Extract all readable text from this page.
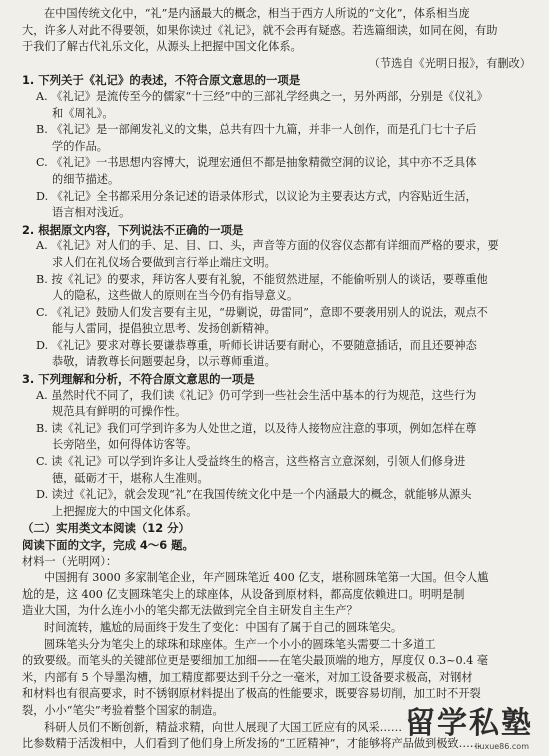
在中国传统文化中，“礼”是内涵最大的概念，相当于西方人所说的“文化”，体系相当庞
大，许多人对此不得要领，如果你读过《礼记》，就不会再有疑惑。若选篇细读，如同在阅，有助
于我们了解古代礼乐文化，从源头上把握中国文化体系。
（节选自《光明日报》，有删改）
1. 下列关于《礼记》的表述，不符合原文意思的一项是
A. 《礼记》是流传至今的儒家“十三经”中的三部礼学经典之一，另外两部，分别是《仪礼》
和《周礼》。
B. 《礼记》是一部阐发礼义的文集，总共有四十九篇，并非一人创作，而是孔门七十子后
学的作品。
C. 《礼记》一书思想内容博大，说理宏通但不都是抽象精微空洞的议论，其中亦不乏具体
的细节描述。
D. 《礼记》全书都采用分条记述的语录体形式，以议论为主要表达方式，内容贴近生活，
语言相对浅近。
2. 根据原文内容，下列说法不正确的一项是
A. 《礼记》对人们的手、足、目、口、头，声音等方面的仪容仪态都有详细而严格的要求，要
求人们在礼仪场合要做到言行举止端庄文明。
B. 按《礼记》的要求，拜访客人要有礼貌，不能贸然进屋，不能偷听别人的谈话，要尊重他
人的隐私，这些做人的原则在当今仍有指导意义。
C. 《礼记》鼓励人们发言要有主见，“毋剿说，毋雷同”，意即不要袭用别人的说法，观点不
能与人雷同，提倡独立思考、发扬创新精神。
D. 《礼记》要求对尊长要谦恭尊重，听师长讲话要有耐心，不要随意插话，而且还要神态
恭敬，请教尊长问题要起身，以示尊师重道。
3. 下列理解和分析，不符合原文意思的一项是
A. 虽然时代不同了，我们读《礼记》仍可学到一些社会生活中基本的行为规范，这些行为
规范具有鲜明的可操作性。
B. 读《礼记》我们可学到许多为人处世之道，以及待人接物应注意的事项，例如怎样在尊
长旁陪坐，如何得体访客等。
C. 读《礼记》可以学到许多让人受益终生的格言，这些格言立意深刻，引领人们修身进
德，砥砺才干，堪称人生准则。
D. 读过《礼记》，就会发现“礼”在我国传统文化中是一个内涵最大的概念，就能够从源头
上把握庞大的中国文化体系。
（二）实用类文本阅读（12 分）
阅读下面的文字，完成 4～6 题。
材料一（光明网）：
中国拥有 3000 多家制笔企业，年产圆珠笔近 400 亿支，堪称圆珠笔第一大国。但令人尴
尬的是，这 400 亿支圆珠笔尖上的球座体，从设备到原材料，都高度依赖进口。明明是制
造业大国，为什么连小小的笔尖都无法做到完全自主研发自主生产？
时间流转，尴尬的局面终于发生了变化：中国有了属于自己的圆珠笔尖。
圆珠笔头分为笔尖上的球珠和球座体。生产一个小小的圆珠笔头需要二十多道工
的致要级。而笔头的关键部位更是要细加工加细——在笔尖最顶端的地方，厚度仅 0.3~0.4 毫
米，内部有 5 个导墨沟槽，加工精度都要达到千分之一毫米，对加工设备要求极高，对钢材
和材料也有很高要求，时不锈钢原材料提出了极高的性能要求，既要容易切削，加工时不开裂
裂，小小“笔尖”考验着整个国家的制造。
科研人员们不断创新，精益求精，向世人展现了大国工匠应有的风采……
比参数精于活泼相中，人们看到了他们身上所发扬的“工匠精神”，才能够将产品做到极致……
留学私塾
liuxue86.com
